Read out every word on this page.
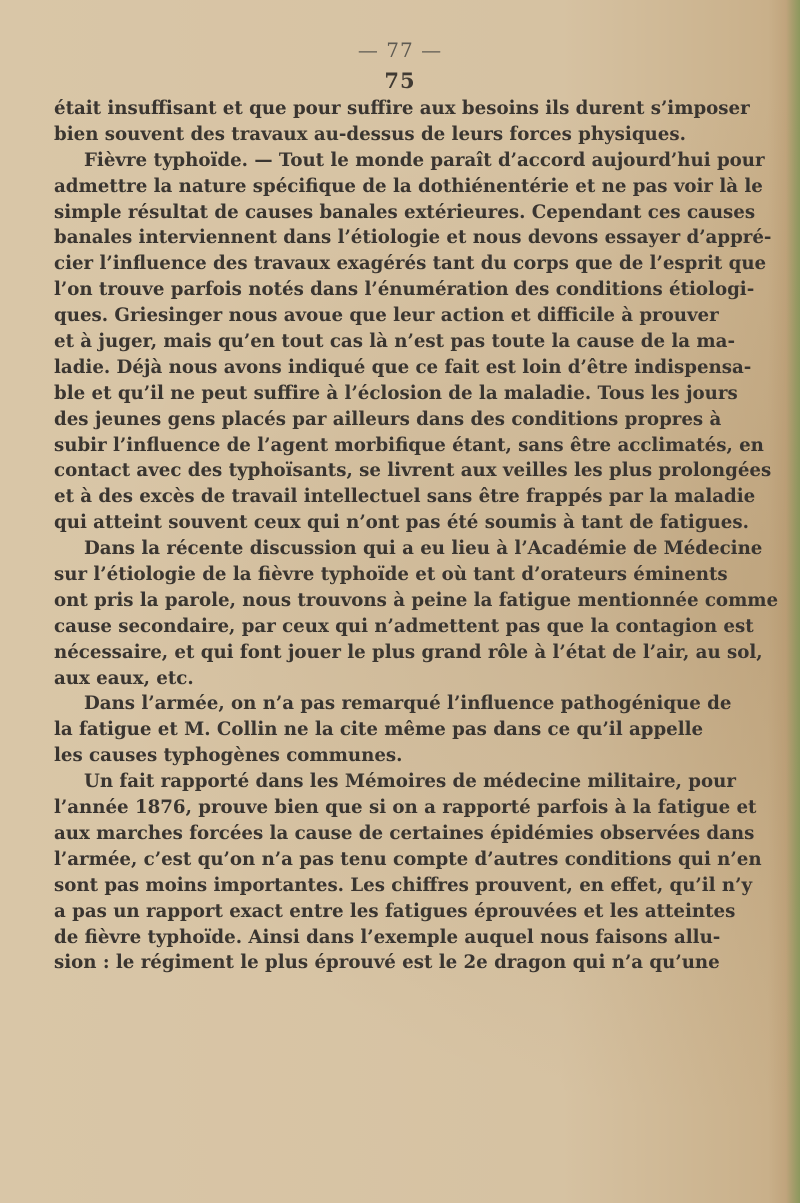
— 77 —
75
était insuffisant et que pour suffire aux besoins ils durent s’imposer
bien souvent des travaux au-dessus de leurs forces physiques.
Fièvre typhoïde. — Tout le monde paraît d’accord aujourd’hui pour
admettre la nature spécifique de la dothiénentérie et ne pas voir là le
simple résultat de causes banales extérieures. Cependant ces causes
banales interviennent dans l’étiologie et nous devons essayer d’appré-
cier l’influence des travaux exagérés tant du corps que de l’esprit que
l’on trouve parfois notés dans l’énumération des conditions étiologi-
ques. Griesinger nous avoue que leur action et difficile à prouver
et à juger, mais qu’en tout cas là n’est pas toute la cause de la ma-
ladie. Déjà nous avons indiqué que ce fait est loin d’être indispensa-
ble et qu’il ne peut suffire à l’éclosion de la maladie. Tous les jours
des jeunes gens placés par ailleurs dans des conditions propres à
subir l’influence de l’agent morbifique étant, sans être acclimatés, en
contact avec des typhoïsants, se livrent aux veilles les plus prolongées
et à des excès de travail intellectuel sans être frappés par la maladie
qui atteint souvent ceux qui n’ont pas été soumis à tant de fatigues.
Dans la récente discussion qui a eu lieu à l’Académie de Médecine
sur l’étiologie de la fièvre typhoïde et où tant d’orateurs éminents
ont pris la parole, nous trouvons à peine la fatigue mentionnée comme
cause secondaire, par ceux qui n’admettent pas que la contagion est
nécessaire, et qui font jouer le plus grand rôle à l’état de l’air, au sol,
aux eaux, etc.
Dans l’armée, on n’a pas remarqué l’influence pathogénique de
la fatigue et M. Collin ne la cite même pas dans ce qu’il appelle
les causes typhogènes communes.
Un fait rapporté dans les Mémoires de médecine militaire, pour
l’année 1876, prouve bien que si on a rapporté parfois à la fatigue et
aux marches forcées la cause de certaines épidémies observées dans
l’armée, c’est qu’on n’a pas tenu compte d’autres conditions qui n’en
sont pas moins importantes. Les chiffres prouvent, en effet, qu’il n’y
a pas un rapport exact entre les fatigues éprouvées et les atteintes
de fièvre typhoïde. Ainsi dans l’exemple auquel nous faisons allu-
sion : le régiment le plus éprouvé est le 2e dragon qui n’a qu’une
